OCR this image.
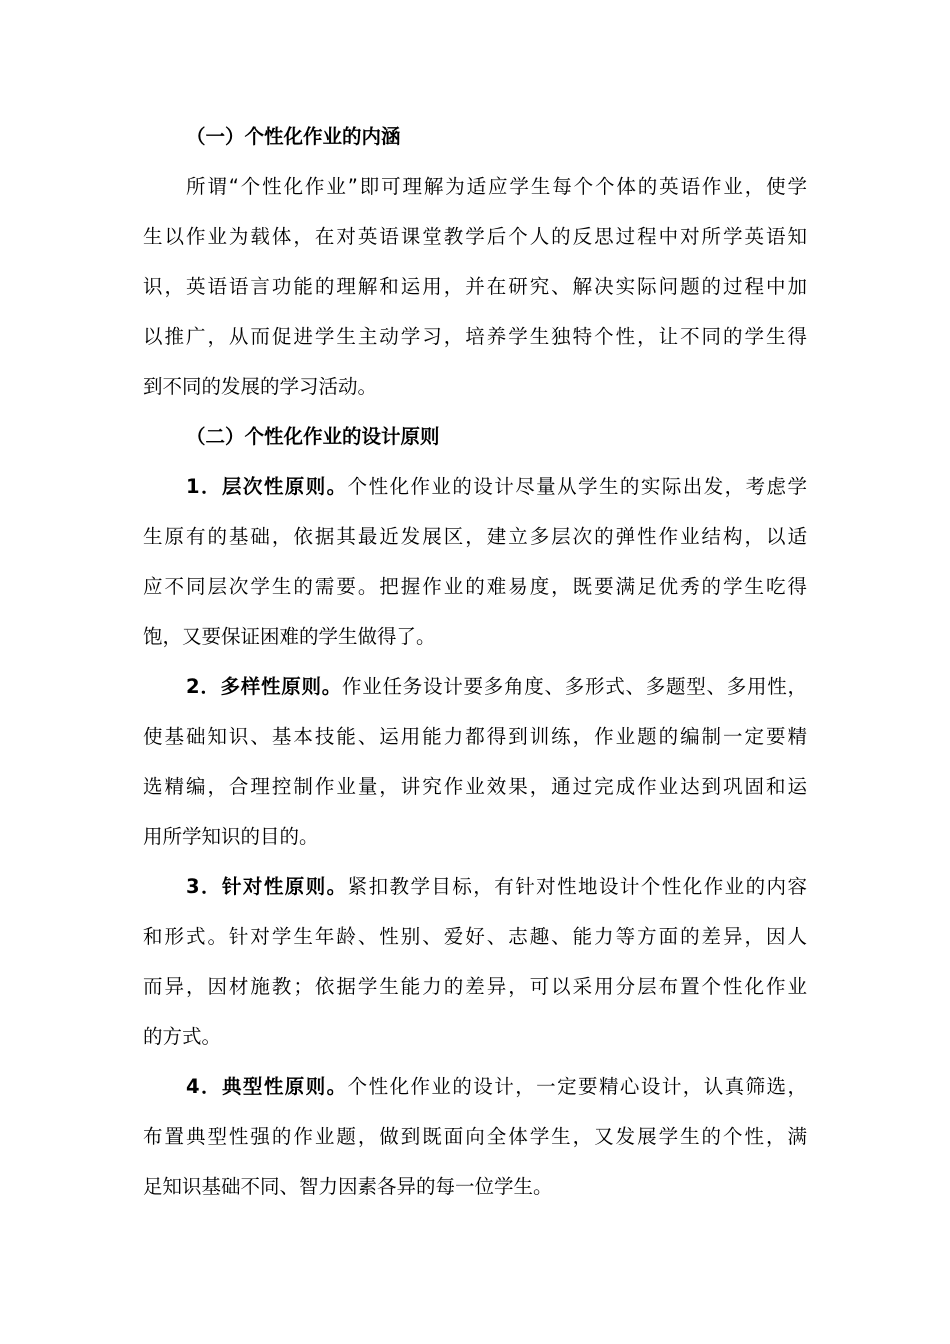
（一）个性化作业的内涵
所谓“个性化作业”即可理解为适应学生每个个体的英语作业，使学
生以作业为载体，在对英语课堂教学后个人的反思过程中对所学英语知
识，英语语言功能的理解和运用，并在研究、解决实际问题的过程中加
以推广，从而促进学生主动学习，培养学生独特个性，让不同的学生得
到不同的发展的学习活动。
（二）个性化作业的设计原则
1．层次性原则。个性化作业的设计尽量从学生的实际出发，考虑学
生原有的基础，依据其最近发展区，建立多层次的弹性作业结构，以适
应不同层次学生的需要。把握作业的难易度，既要满足优秀的学生吃得
饱，又要保证困难的学生做得了。
2．多样性原则。作业任务设计要多角度、多形式、多题型、多用性，
使基础知识、基本技能、运用能力都得到训练，作业题的编制一定要精
选精编，合理控制作业量，讲究作业效果，通过完成作业达到巩固和运
用所学知识的目的。
3．针对性原则。紧扣教学目标，有针对性地设计个性化作业的内容
和形式。针对学生年龄、性别、爱好、志趣、能力等方面的差异，因人
而异，因材施教；依据学生能力的差异，可以采用分层布置个性化作业
的方式。
4．典型性原则。个性化作业的设计，一定要精心设计，认真筛选，
布置典型性强的作业题，做到既面向全体学生，又发展学生的个性，满
足知识基础不同、智力因素各异的每一位学生。
